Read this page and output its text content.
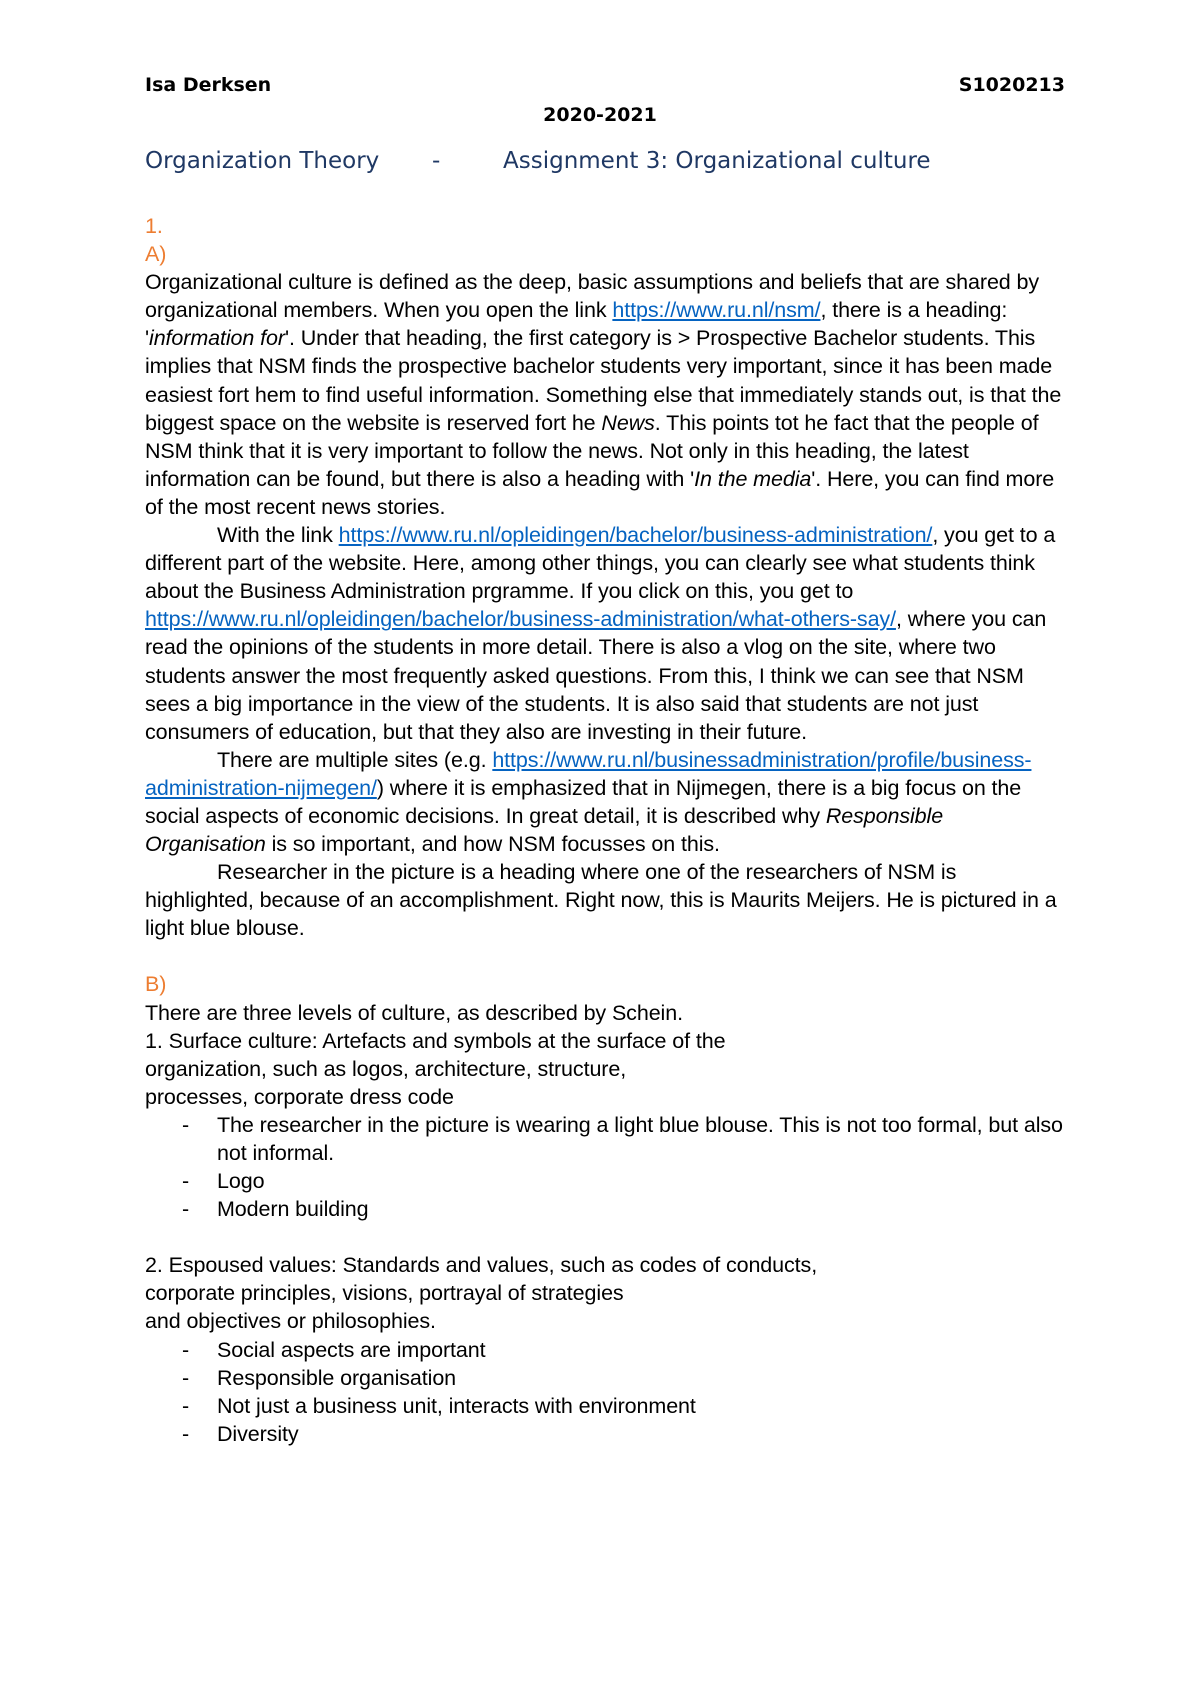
Isa Derksen	S1020213
2020-2021
Organization Theory -	Assignment 3: Organizational culture

1.

A)

Organizational culture is defined as the deep, basic assumptions and beliefs that are shared by organizational members. When you open the link https://www.ru.nl/nsm/, there is a heading: 'information for'. Under that heading, the first category is > Prospective Bachelor students. This implies that NSM finds the prospective bachelor students very important, since it has been made easiest fort hem to find useful information. Something else that immediately stands out, is that the biggest space on the website is reserved fort he News. This points tot he fact that the people of NSM think that it is very important to follow the news. Not only in this heading, the latest information can be found, but there is also a heading with 'In the media'. Here, you can find more of the most recent news stories.

With the link https://www.ru.nl/opleidingen/bachelor/business-administration/, you get to a different part of the website. Here, among other things, you can clearly see what students think about the Business Administration prgramme. If you click on this, you get to https://www.ru.nl/opleidingen/bachelor/business-administration/what-others-say/, where you can read the opinions of the students in more detail. There is also a vlog on the site, where two students answer the most frequently asked questions. From this, I think we can see that NSM sees a big importance in the view of the students. It is also said that students are not just consumers of education, but that they also are investing in their future.

There are multiple sites (e.g. https://www.ru.nl/businessadministration/profile/business-administration-nijmegen/) where it is emphasized that in Nijmegen, there is a big focus on the social aspects of economic decisions. In great detail, it is described why Responsible Organisation is so important, and how NSM focusses on this.

Researcher in the picture is a heading where one of the researchers of NSM is highlighted, because of an accomplishment. Right now, this is Maurits Meijers. He is pictured in a light blue blouse.

B)

There are three levels of culture, as described by Schein.

1. Surface culture: Artefacts and symbols at the surface of the

organization, such as logos, architecture, structure,

processes, corporate dress code

- The researcher in the picture is wearing a light blue blouse. This is not too formal, but also not informal.
- Logo
- Modern building

2. Espoused values: Standards and values, such as codes of conducts,

corporate principles, visions, portrayal of strategies

and objectives or philosophies.

- Social aspects are important
- Responsible organisation
- Not just a business unit, interacts with environment
- Diversity
